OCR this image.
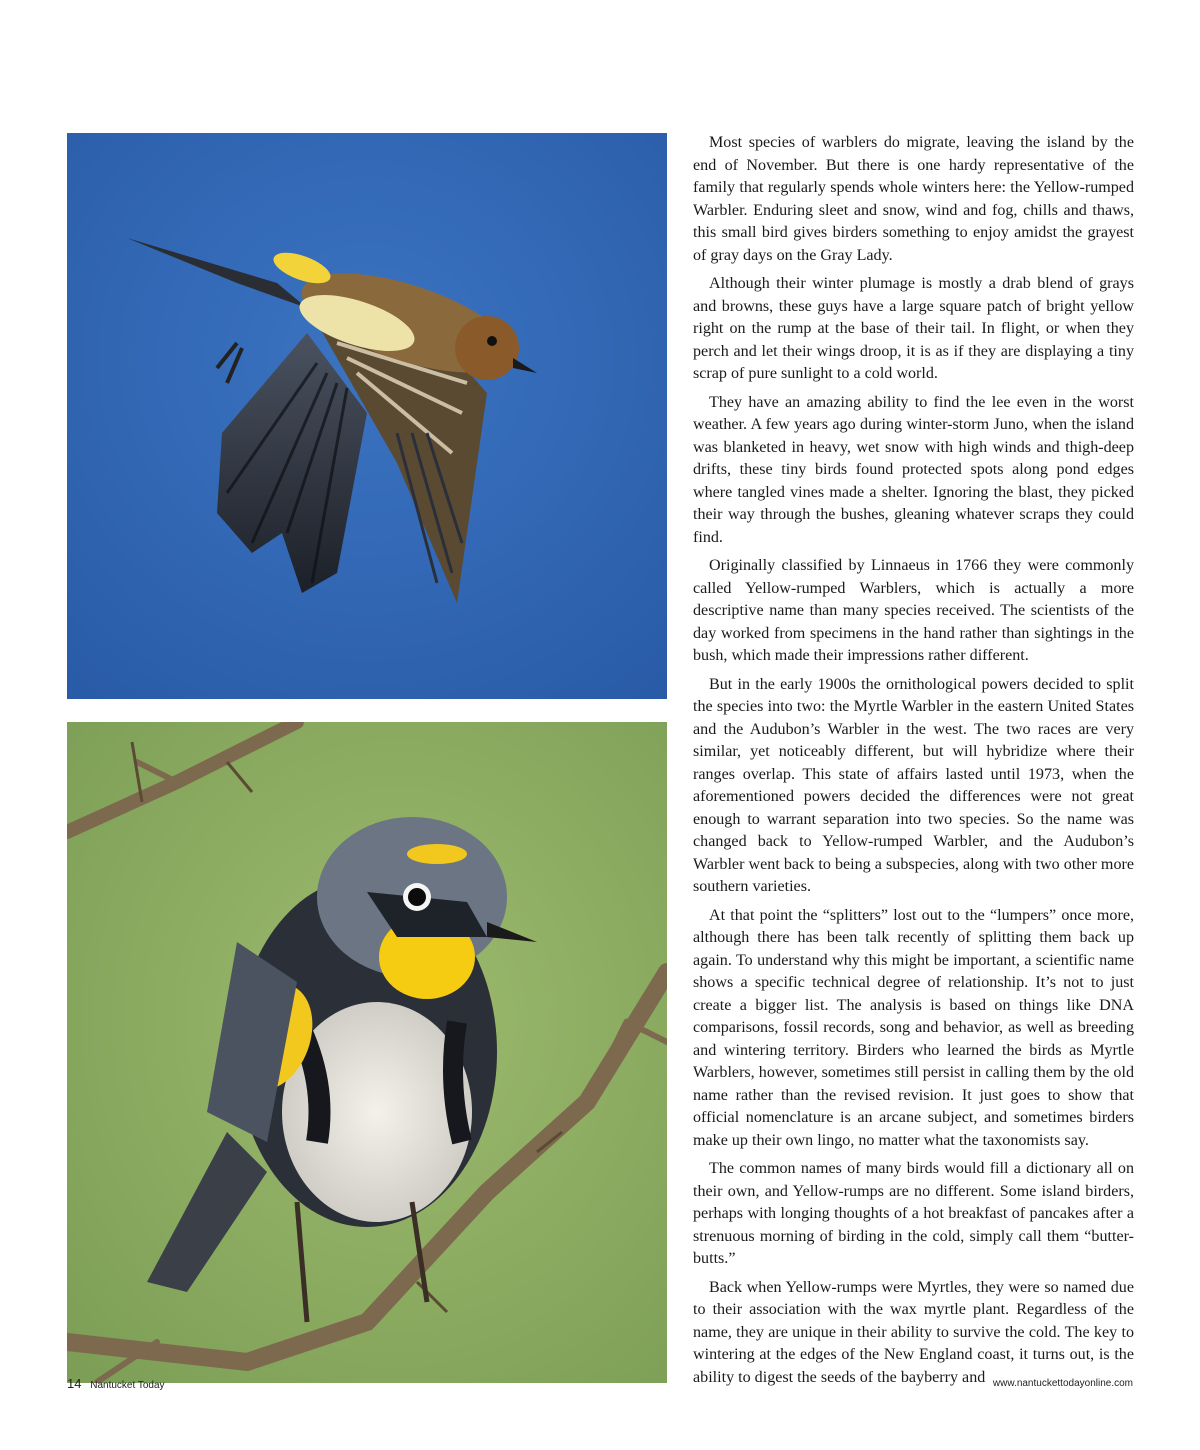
Most species of warblers do migrate, leaving the island by the end of November. But there is one hardy representative of the family that regularly spends whole winters here: the Yellow-rumped Warbler. Enduring sleet and snow, wind and fog, chills and thaws, this small bird gives birders something to enjoy amidst the grayest of gray days on the Gray Lady.

Although their winter plumage is mostly a drab blend of grays and browns, these guys have a large square patch of bright yellow right on the rump at the base of their tail. In flight, or when they perch and let their wings droop, it is as if they are displaying a tiny scrap of pure sunlight to a cold world.

They have an amazing ability to find the lee even in the worst weather. A few years ago during winter-storm Juno, when the island was blanketed in heavy, wet snow with high winds and thigh-deep drifts, these tiny birds found protected spots along pond edges where tangled vines made a shelter. Ignoring the blast, they picked their way through the bushes, gleaning whatever scraps they could find.

Originally classified by Linnaeus in 1766 they were commonly called Yellow-rumped Warblers, which is actually a more descriptive name than many species received. The scientists of the day worked from specimens in the hand rather than sightings in the bush, which made their impressions rather different.

But in the early 1900s the ornithological powers decided to split the species into two: the Myrtle Warbler in the eastern United States and the Audubon’s Warbler in the west. The two races are very similar, yet noticeably different, but will hybridize where their ranges overlap. This state of affairs lasted until 1973, when the aforementioned powers decided the differences were not great enough to warrant separation into two species. So the name was changed back to Yellow-rumped Warbler, and the Audubon’s Warbler went back to being a subspecies, along with two other more southern varieties.

At that point the “splitters” lost out to the “lumpers” once more, although there has been talk recently of splitting them back up again. To understand why this might be important, a scientific name shows a specific technical degree of relationship. It’s not to just create a bigger list. The analysis is based on things like DNA comparisons, fossil records, song and behavior, as well as breeding and wintering territory. Birders who learned the birds as Myrtle Warblers, however, sometimes still persist in calling them by the old name rather than the revised revision. It just goes to show that official nomenclature is an arcane subject, and sometimes birders make up their own lingo, no matter what the taxonomists say.

The common names of many birds would fill a dictionary all on their own, and Yellow-rumps are no different. Some island birders, perhaps with longing thoughts of a hot breakfast of pancakes after a strenuous morning of birding in the cold, simply call them “butter-butts.”

Back when Yellow-rumps were Myrtles, they were so named due to their association with the wax myrtle plant. Regardless of the name, they are unique in their ability to survive the cold. The key to wintering at the edges of the New England coast, it turns out, is the ability to digest the seeds of the bayberry and

14 Nantucket Today	www.nantuckettodayonline.com
